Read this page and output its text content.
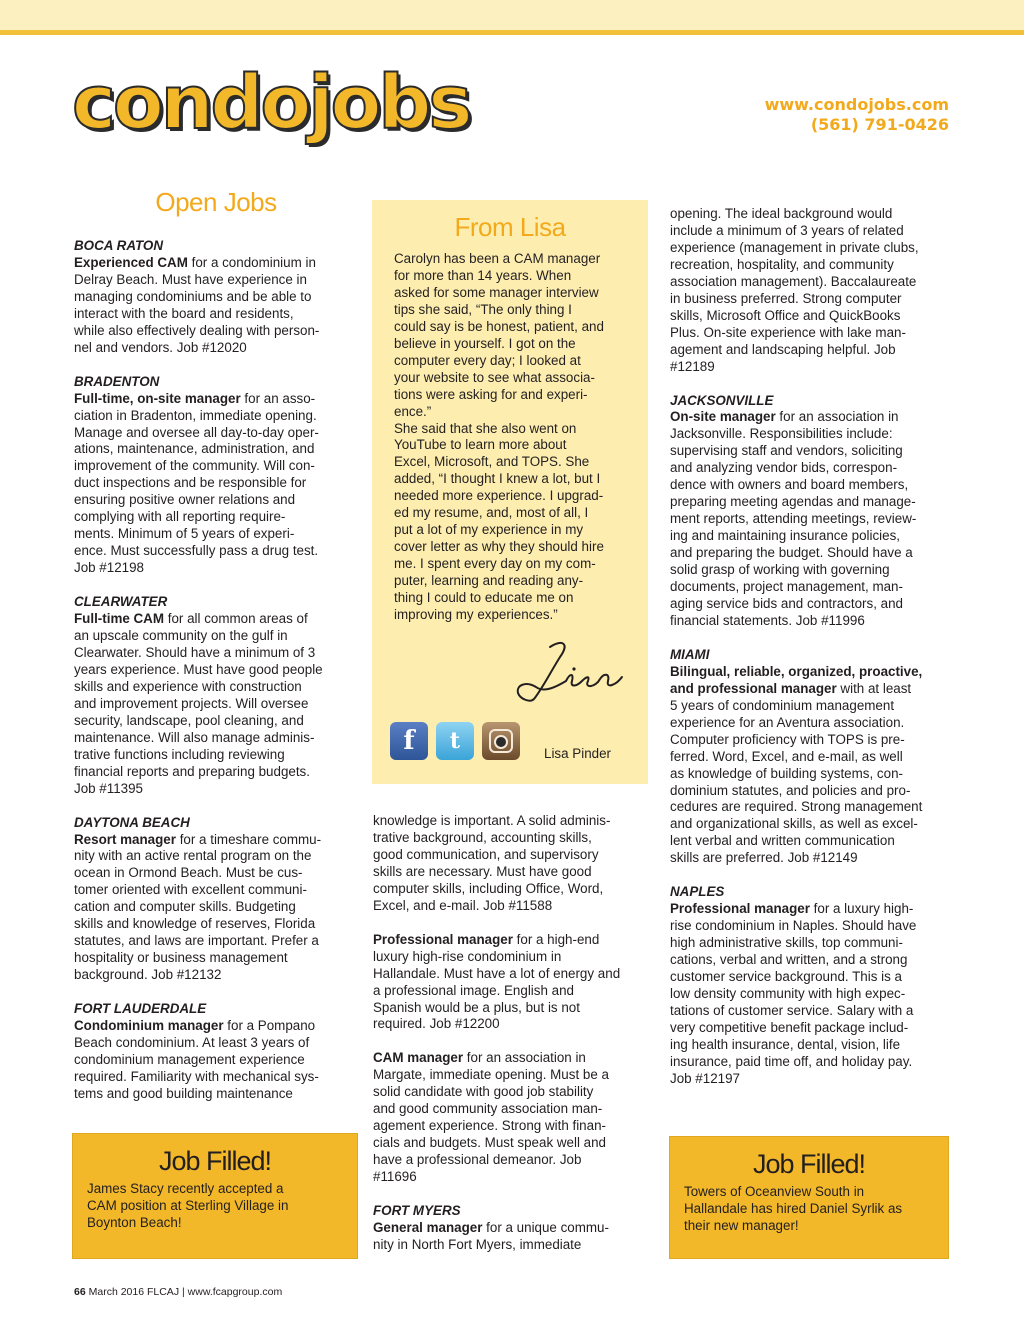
condojobs	www.condojobs.com
(561) 791-0426
Open Jobs

BOCA RATON

Experienced CAM for a condominium in

Delray Beach. Must have experience in

managing condominiums and be able to

interact with the board and residents,

while also effectively dealing with person-

nel and vendors. Job #12020

BRADENTON

Full-time, on-site manager for an asso-

ciation in Bradenton, immediate opening.

Manage and oversee all day-to-day oper-

ations, maintenance, administration, and

improvement of the community. Will con-

duct inspections and be responsible for

ensuring positive owner relations and

complying with all reporting require-

ments. Minimum of 5 years of experi-

ence. Must successfully pass a drug test.

Job #12198

CLEARWATER

Full-time CAM for all common areas of

an upscale community on the gulf in

Clearwater. Should have a minimum of 3

years experience. Must have good people

skills and experience with construction

and improvement projects. Will oversee

security, landscape, pool cleaning, and

maintenance. Will also manage adminis-

trative functions including reviewing

financial reports and preparing budgets.

Job #11395

DAYTONA BEACH

Resort manager for a timeshare commu-

nity with an active rental program on the

ocean in Ormond Beach. Must be cus-

tomer oriented with excellent communi-

cation and computer skills. Budgeting

skills and knowledge of reserves, Florida

statutes, and laws are important. Prefer a

hospitality or business management

background. Job #12132

FORT LAUDERDALE

Condominium manager for a Pompano

Beach condominium. At least 3 years of

condominium management experience

required. Familiarity with mechanical sys-

tems and good building maintenance

From Lisa

Carolyn has been a CAM manager

for more than 14 years. When

asked for some manager interview

tips she said, “The only thing I

could say is be honest, patient, and

believe in yourself. I got on the

computer every day; I looked at

your website to see what associa-

tions were asking for and experi-

ence.”

She said that she also went on

YouTube to learn more about

Excel, Microsoft, and TOPS. She

added, “I thought I knew a lot, but I

needed more experience. I upgrad-

ed my resume, and, most of all, I

put a lot of my experience in my

cover letter as why they should hire

me. I spent every day on my com-

puter, learning and reading any-

thing I could to educate me on

improving my experiences.”

f	t	Lisa Pinder

knowledge is important. A solid adminis-

trative background, accounting skills,

good communication, and supervisory

skills are necessary. Must have good

computer skills, including Office, Word,

Excel, and e-mail. Job #11588

Professional manager for a high-end

luxury high-rise condominium in

Hallandale. Must have a lot of energy and

a professional image. English and

Spanish would be a plus, but is not

required. Job #12200

CAM manager for an association in

Margate, immediate opening. Must be a

solid candidate with good job stability

and good community association man-

agement experience. Strong with finan-

cials and budgets. Must speak well and

have a professional demeanor. Job

#11696

FORT MYERS

General manager for a unique commu-

nity in North Fort Myers, immediate

opening. The ideal background would

include a minimum of 3 years of related

experience (management in private clubs,

recreation, hospitality, and community

association management). Baccalaureate

in business preferred. Strong computer

skills, Microsoft Office and QuickBooks

Plus. On-site experience with lake man-

agement and landscaping helpful. Job

#12189

JACKSONVILLE

On-site manager for an association in

Jacksonville. Responsibilities include:

supervising staff and vendors, soliciting

and analyzing vendor bids, correspon-

dence with owners and board members,

preparing meeting agendas and manage-

ment reports, attending meetings, review-

ing and maintaining insurance policies,

and preparing the budget. Should have a

solid grasp of working with governing

documents, project management, man-

aging service bids and contractors, and

financial statements. Job #11996

MIAMI

Bilingual, reliable, organized, proactive,

and professional manager with at least

5 years of condominium management

experience for an Aventura association.

Computer proficiency with TOPS is pre-

ferred. Word, Excel, and e-mail, as well

as knowledge of building systems, con-

dominium statutes, and policies and pro-

cedures are required. Strong management

and organizational skills, as well as excel-

lent verbal and written communication

skills are preferred. Job #12149

NAPLES

Professional manager for a luxury high-

rise condominium in Naples. Should have

high administrative skills, top communi-

cations, verbal and written, and a strong

customer service background. This is a

low density community with high expec-

tations of customer service. Salary with a

very competitive benefit package includ-

ing health insurance, dental, vision, life

insurance, paid time off, and holiday pay.

Job #12197

Job Filled!
James Stacy recently accepted a
CAM position at Sterling Village in
Boynton Beach!
Job Filled!
Towers of Oceanview South in
Hallandale has hired Daniel Syrlik as
their new manager!
66 March 2016 FLCAJ | www.fcapgroup.com
